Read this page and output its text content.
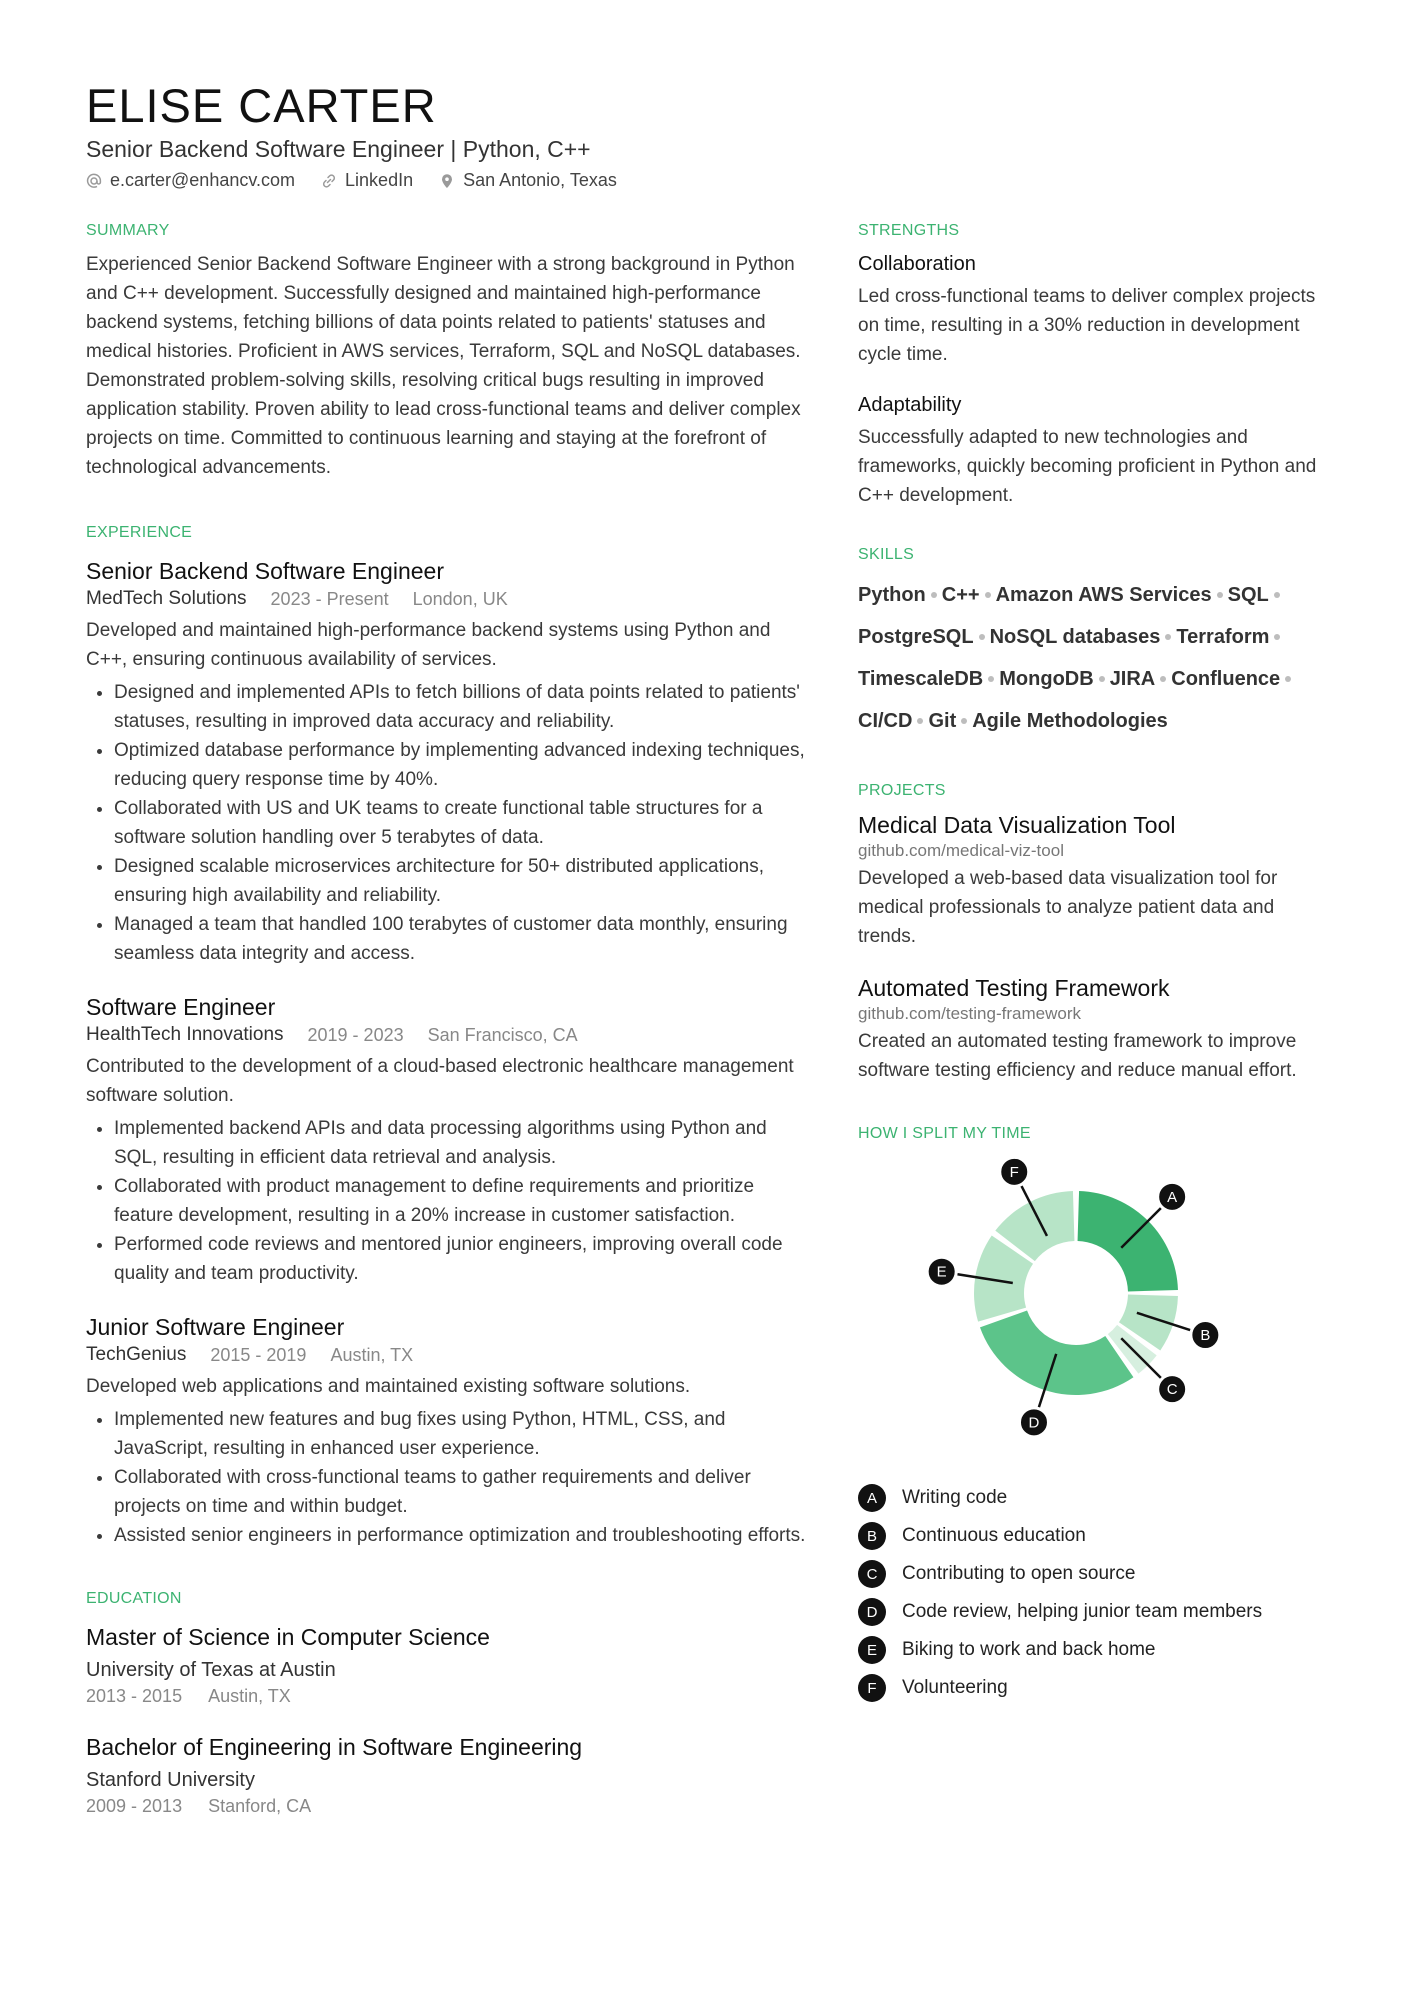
ELISE CARTER
Senior Backend Software Engineer | Python, C++
e.carter@enhancv.com	LinkedIn	San Antonio, Texas
SUMMARY

Experienced Senior Backend Software Engineer with a strong background in Python and C++ development. Successfully designed and maintained high-performance backend systems, fetching billions of data points related to patients' statuses and medical histories. Proficient in AWS services, Terraform, SQL and NoSQL databases. Demonstrated problem-solving skills, resolving critical bugs resulting in improved application stability. Proven ability to lead cross-functional teams and deliver complex projects on time. Committed to continuous learning and staying at the forefront of technological advancements.

EXPERIENCE
Senior Backend Software Engineer
MedTech Solutions 2023 - Present London, UK

Developed and maintained high-performance backend systems using Python and C++, ensuring continuous availability of services.

• Designed and implemented APIs to fetch billions of data points related to patients' statuses, resulting in improved data accuracy and reliability.
• Optimized database performance by implementing advanced indexing techniques, reducing query response time by 40%.
• Collaborated with US and UK teams to create functional table structures for a software solution handling over 5 terabytes of data.
• Designed scalable microservices architecture for 50+ distributed applications, ensuring high availability and reliability.
• Managed a team that handled 100 terabytes of customer data monthly, ensuring seamless data integrity and access.
Software Engineer
HealthTech Innovations 2019 - 2023 San Francisco, CA

Contributed to the development of a cloud-based electronic healthcare management software solution.

• Implemented backend APIs and data processing algorithms using Python and SQL, resulting in efficient data retrieval and analysis.
• Collaborated with product management to define requirements and prioritize feature development, resulting in a 20% increase in customer satisfaction.
• Performed code reviews and mentored junior engineers, improving overall code quality and team productivity.
Junior Software Engineer
TechGenius 2015 - 2019 Austin, TX

Developed web applications and maintained existing software solutions.

• Implemented new features and bug fixes using Python, HTML, CSS, and JavaScript, resulting in enhanced user experience.
• Collaborated with cross-functional teams to gather requirements and deliver projects on time and within budget.
• Assisted senior engineers in performance optimization and troubleshooting efforts.
EDUCATION
Master of Science in Computer Science
University of Texas at Austin
2013 - 2015 Austin, TX
Bachelor of Engineering in Software Engineering
Stanford University
2009 - 2013 Stanford, CA
STRENGTHS
Collaboration

Led cross-functional teams to deliver complex projects on time, resulting in a 30% reduction in development cycle time.

Adaptability

Successfully adapted to new technologies and frameworks, quickly becoming proficient in Python and C++ development.

SKILLS
Python C++ Amazon AWS Services SQL
PostgreSQL NoSQL databases Terraform
TimescaleDB MongoDB JIRA Confluence
CI/CD Git Agile Methodologies
PROJECTS
Medical Data Visualization Tool
github.com/medical-viz-tool

Developed a web-based data visualization tool for medical professionals to analyze patient data and trends.

Automated Testing Framework
github.com/testing-framework

Created an automated testing framework to improve software testing efficiency and reduce manual effort.

HOW I SPLIT MY TIME
A
B
C
D
E
F
A	Writing code
B	Continuous education
C	Contributing to open source
D	Code review, helping junior team members
E	Biking to work and back home
F	Volunteering
